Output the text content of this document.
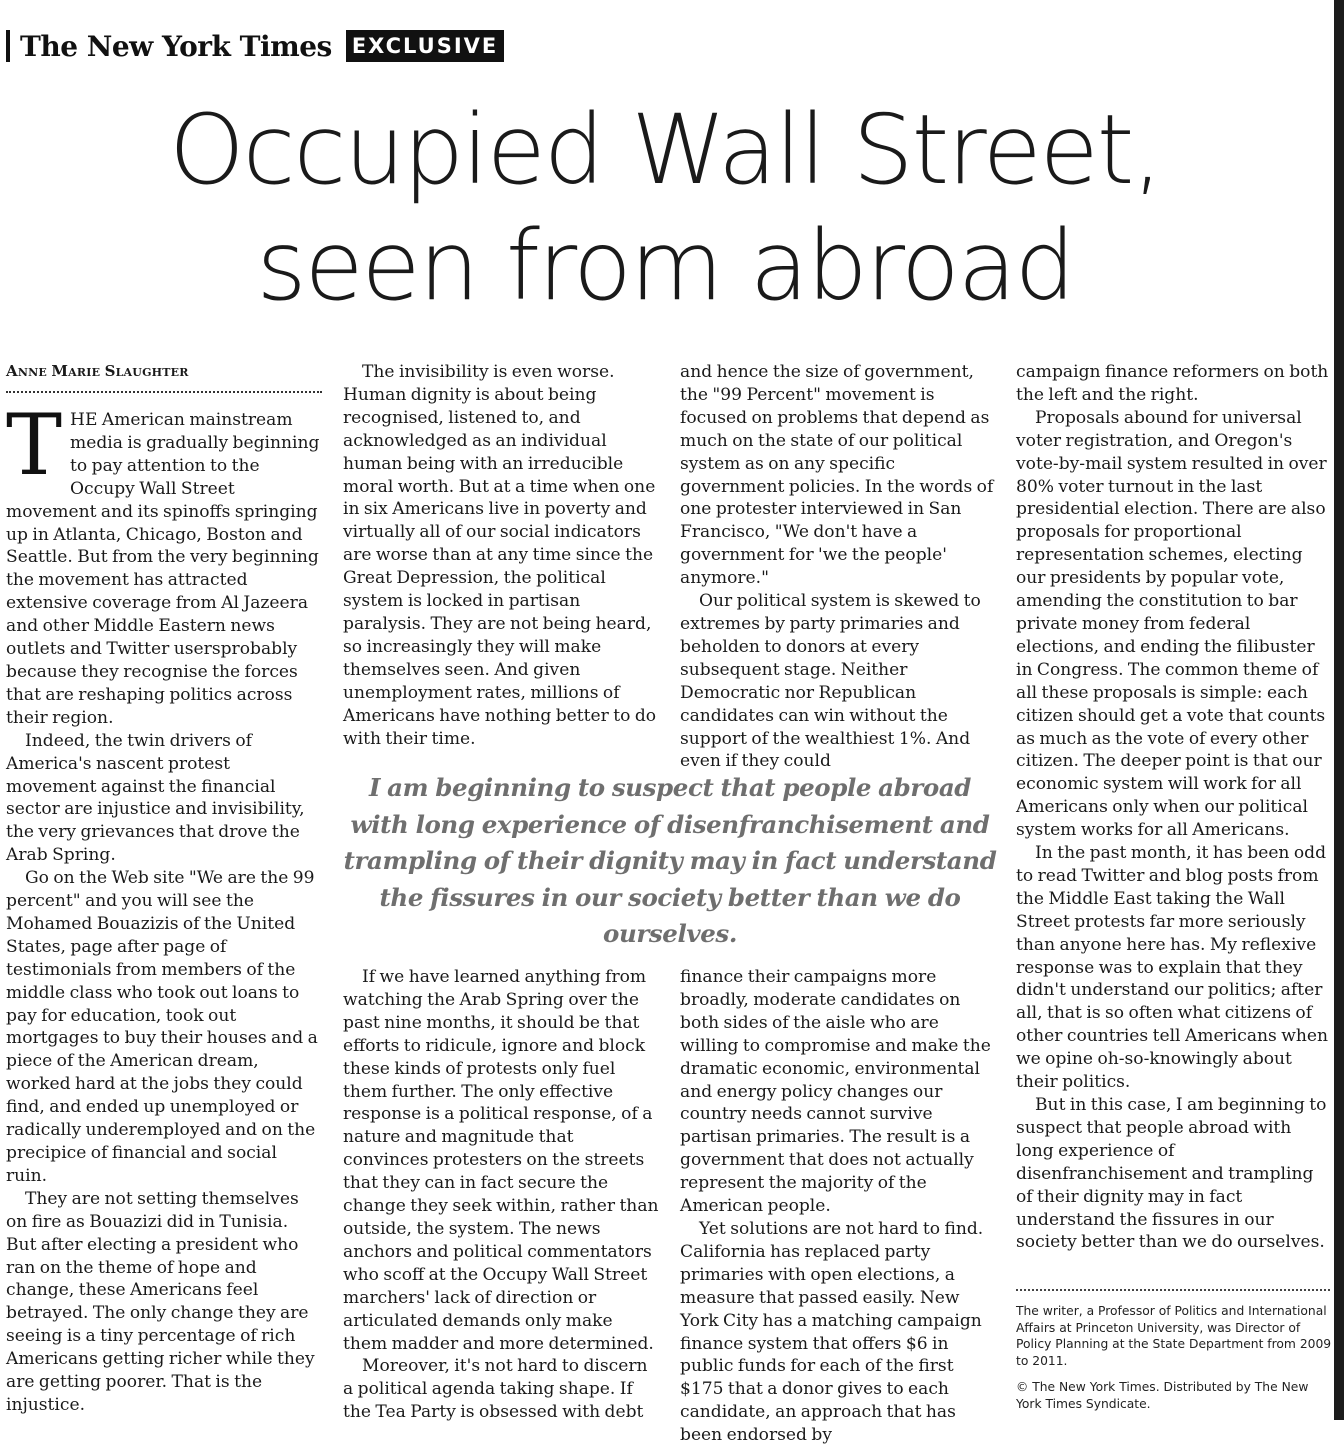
The New York Times EXCLUSIVE
Occupied Wall Street,
seen from abroad
Anne Marie Slaughter

THE American mainstream media is gradually beginning to pay attention to the Occupy Wall Street movement and its spinoffs springing up in Atlanta, Chicago, Boston and Seattle. But from the very beginning the movement has attracted extensive coverage from Al Jazeera and other Middle Eastern news outlets and Twitter usersprobably because they recognise the forces that are reshaping politics across their region.

Indeed, the twin drivers of America's nascent protest movement against the financial sector are injustice and invisibility, the very grievances that drove the Arab Spring.

Go on the Web site "We are the 99 percent" and you will see the Mohamed Bouazizis of the United States, page after page of testimonials from members of the middle class who took out loans to pay for education, took out mortgages to buy their houses and a piece of the American dream, worked hard at the jobs they could find, and ended up unemployed or radically underemployed and on the precipice of financial and social ruin.

They are not setting themselves on fire as Bouazizi did in Tunisia. But after electing a president who ran on the theme of hope and change, these Americans feel betrayed. The only change they are seeing is a tiny percentage of rich Americans getting richer while they are getting poorer. That is the injustice.

The invisibility is even worse. Human dignity is about being recognised, listened to, and acknowledged as an individual human being with an irreducible moral worth. But at a time when one in six Americans live in poverty and virtually all of our social indicators are worse than at any time since the Great Depression, the political system is locked in partisan paralysis. They are not being heard, so increasingly they will make themselves seen. And given unemployment rates, millions of Americans have nothing better to do with their time.

and hence the size of government, the "99 Percent" movement is focused on problems that depend as much on the state of our political system as on any specific government policies. In the words of one protester interviewed in San Francisco, "We don't have a government for 'we the people' anymore."

Our political system is skewed to extremes by party primaries and beholden to donors at every subsequent stage. Neither Democratic nor Republican candidates can win without the support of the wealthiest 1%. And even if they could

I am beginning to suspect that people abroad with long experience of disenfranchisement and trampling of their dignity may in fact understand the fissures in our society better than we do ourselves.

If we have learned anything from watching the Arab Spring over the past nine months, it should be that efforts to ridicule, ignore and block these kinds of protests only fuel them further. The only effective response is a political response, of a nature and magnitude that convinces protesters on the streets that they can in fact secure the change they seek within, rather than outside, the system. The news anchors and political commentators who scoff at the Occupy Wall Street marchers' lack of direction or articulated demands only make them madder and more determined.

Moreover, it's not hard to discern a political agenda taking shape. If the Tea Party is obsessed with debt

finance their campaigns more broadly, moderate candidates on both sides of the aisle who are willing to compromise and make the dramatic economic, environmental and energy policy changes our country needs cannot survive partisan primaries. The result is a government that does not actually represent the majority of the American people.

Yet solutions are not hard to find. California has replaced party primaries with open elections, a measure that passed easily. New York City has a matching campaign finance system that offers $6 in public funds for each of the first $175 that a donor gives to each candidate, an approach that has been endorsed by

campaign finance reformers on both the left and the right.

Proposals abound for universal voter registration, and Oregon's vote-by-mail system resulted in over 80% voter turnout in the last presidential election. There are also proposals for proportional representation schemes, electing our presidents by popular vote, amending the constitution to bar private money from federal elections, and ending the filibuster in Congress. The common theme of all these proposals is simple: each citizen should get a vote that counts as much as the vote of every other citizen. The deeper point is that our economic system will work for all Americans only when our political system works for all Americans.

In the past month, it has been odd to read Twitter and blog posts from the Middle East taking the Wall Street protests far more seriously than anyone here has. My reflexive response was to explain that they didn't understand our politics; after all, that is so often what citizens of other countries tell Americans when we opine oh-so-knowingly about their politics.

But in this case, I am beginning to suspect that people abroad with long experience of disenfranchisement and trampling of their dignity may in fact understand the fissures in our society better than we do ourselves.

The writer, a Professor of Politics and International Affairs at Princeton University, was Director of Policy Planning at the State Department from 2009 to 2011.

© The New York Times. Distributed by The New York Times Syndicate.
